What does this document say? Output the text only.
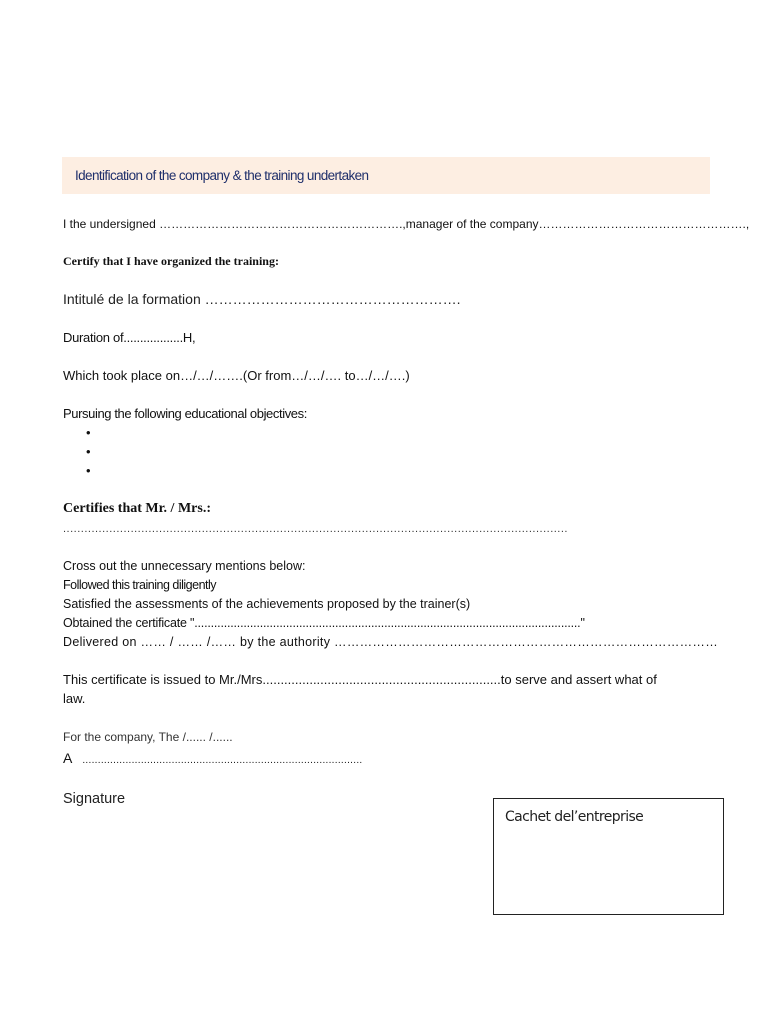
Identification of the company & the training undertaken
I the undersigned ……………………………………………………., manager of the company…………………………………………….,
Certify that I have organized the training:
Intitulé de la formation ……………………………………………….
Duration of..................H,
Which took place on…/…/…….(Or from…/…/…. to…/…/….)
Pursuing the following educational objectives:
•
•
•
Certifies that Mr. / Mrs.:
..............................................................................................................................................
Cross out the unnecessary mentions below:
Followed this training diligently
Satisfied the assessments of the achievements proposed by the trainer(s)
Obtained the certificate "......................................................................................................................"
Delivered on …… / …… /…… by the authority ………………………………………………………………………………
This certificate is issued to Mr./Mrs..................................................................to serve and assert what of law.
For the company, The /...... /......
A ...........................................................................................
Signature
Cachet del’entreprise
